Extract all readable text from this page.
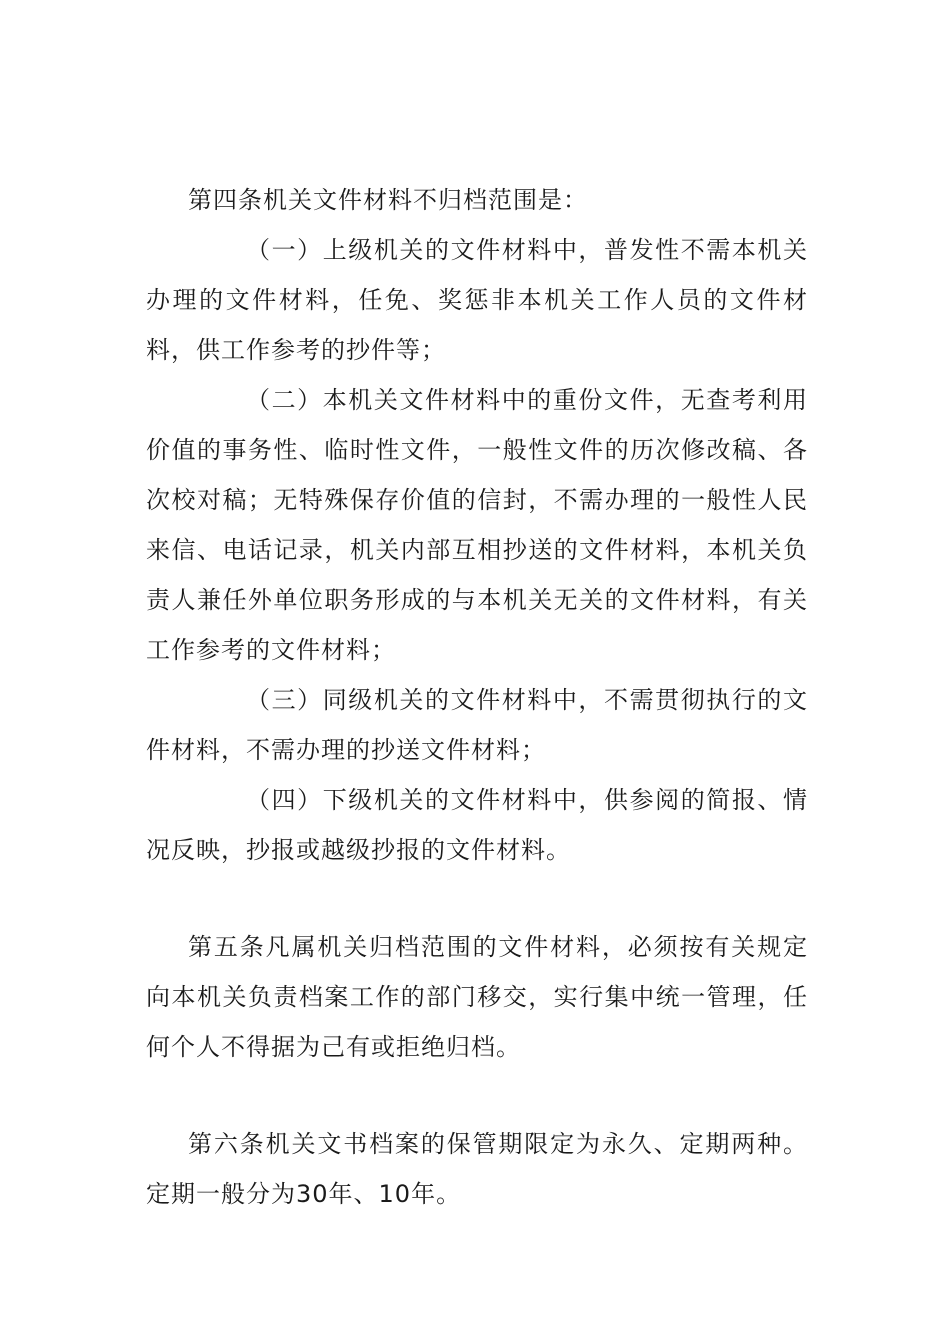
第四条机关文件材料不归档范围是：

（一）上级机关的文件材料中，普发性不需本机关办理的文件材料，任免、奖惩非本机关工作人员的文件材料，供工作参考的抄件等；

（二）本机关文件材料中的重份文件，无查考利用价值的事务性、临时性文件，一般性文件的历次修改稿、各次校对稿；无特殊保存价值的信封，不需办理的一般性人民来信、电话记录，机关内部互相抄送的文件材料，本机关负责人兼任外单位职务形成的与本机关无关的文件材料，有关工作参考的文件材料；

（三）同级机关的文件材料中，不需贯彻执行的文件材料，不需办理的抄送文件材料；

（四）下级机关的文件材料中，供参阅的简报、情况反映，抄报或越级抄报的文件材料。

第五条凡属机关归档范围的文件材料，必须按有关规定向本机关负责档案工作的部门移交，实行集中统一管理，任何个人不得据为己有或拒绝归档。

第六条机关文书档案的保管期限定为永久、定期两种。定期一般分为30年、10年。
